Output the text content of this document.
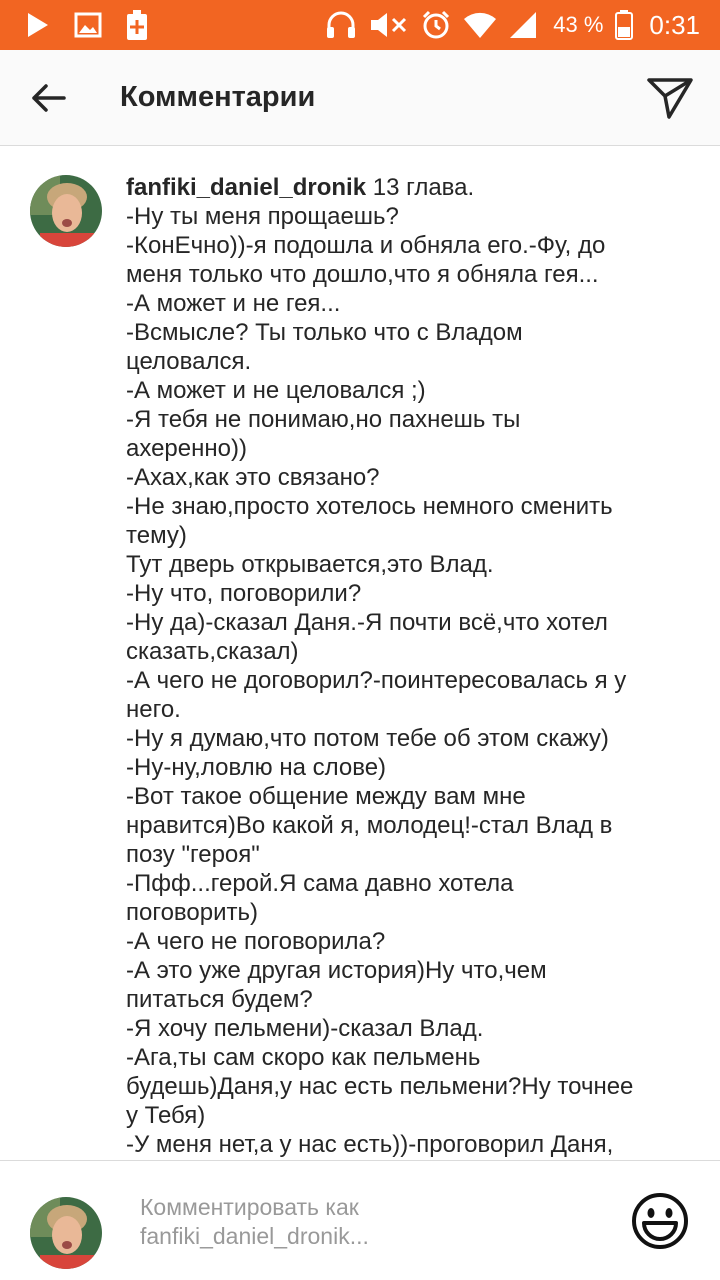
43 % 0:31
Комментарии
fanfiki_daniel_dronik 13 глава.
-Ну ты меня прощаешь?
-КонЕчно))-я подошла и обняла его.-Фу, до
меня только что дошло,что я обняла гея...
-А может и не гея...
-Всмысле? Ты только что с Владом
целовался.
-А может и не целовался ;)
-Я тебя не понимаю,но пахнешь ты
ахеренно))
-Ахах,как это связано?
-Не знаю,просто хотелось немного сменить
тему)
Тут дверь открывается,это Влад.
-Ну что, поговорили?
-Ну да)-сказал Даня.-Я почти всё,что хотел
сказать,сказал)
-А чего не договорил?-поинтересовалась я у
него.
-Ну я думаю,что потом тебе об этом скажу)
-Ну-ну,ловлю на слове)
-Вот такое общение между вам мне
нравится)Во какой я, молодец!-стал Влад в
позу "героя"
-Пфф...герой.Я сама давно хотела
поговорить)
-А чего не поговорила?
-А это уже другая история)Ну что,чем
питаться будем?
-Я хочу пельмени)-сказал Влад.
-Ага,ты сам скоро как пельмень
будешь)Даня,у нас есть пельмени?Ну точнее
у Тебя)
-У меня нет,а у нас есть))-проговорил Даня,
Комментировать как
fanfiki_daniel_dronik...
